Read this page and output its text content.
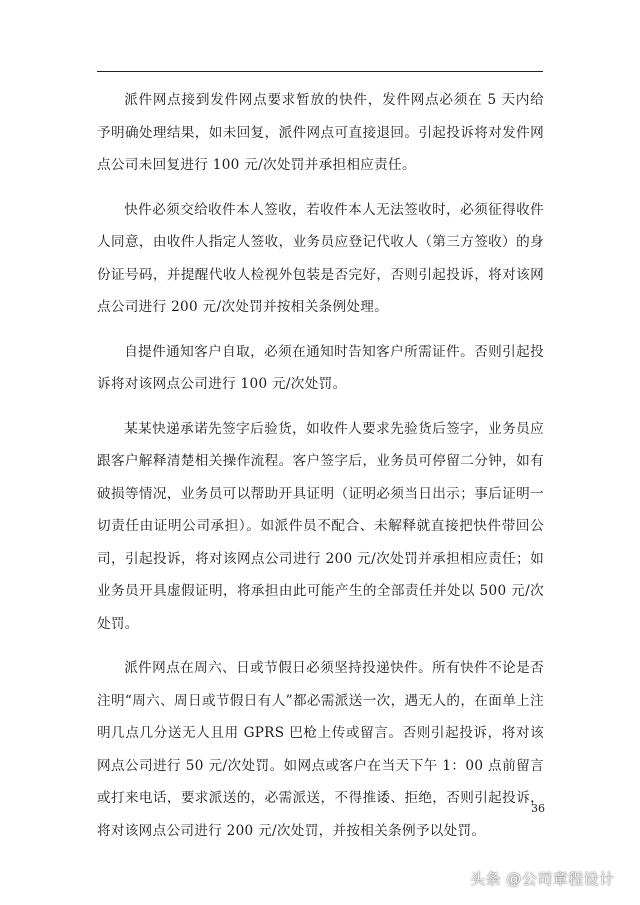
派件网点接到发件网点要求暂放的快件，发件网点必须在 5 天内给予明确处理结果，如未回复，派件网点可直接退回。引起投诉将对发件网点公司未回复进行 100 元/次处罚并承担相应责任。

快件必须交给收件本人签收，若收件本人无法签收时，必须征得收件人同意，由收件人指定人签收，业务员应登记代收人（第三方签收）的身份证号码，并提醒代收人检视外包装是否完好，否则引起投诉，将对该网点公司进行 200 元/次处罚并按相关条例处理。

自提件通知客户自取，必须在通知时告知客户所需证件。否则引起投诉将对该网点公司进行 100 元/次处罚。

某某快递承诺先签字后验货，如收件人要求先验货后签字，业务员应跟客户解释清楚相关操作流程。客户签字后，业务员可停留二分钟，如有破损等情况，业务员可以帮助开具证明（证明必须当日出示；事后证明一切责任由证明公司承担）。如派件员不配合、未解释就直接把快件带回公司，引起投诉，将对该网点公司进行 200 元/次处罚并承担相应责任；如业务员开具虚假证明，将承担由此可能产生的全部责任并处以 500 元/次处罚。

派件网点在周六、日或节假日必须坚持投递快件。所有快件不论是否注明“周六、周日或节假日有人”都必需派送一次，遇无人的，在面单上注明几点几分送无人且用 GPRS 巴枪上传或留言。否则引起投诉，将对该网点公司进行 50 元/次处罚。如网点或客户在当天下午 1：00 点前留言或打来电话，要求派送的，必需派送，不得推诿、拒绝，否则引起投诉，将对该网点公司进行 200 元/次处罚，并按相关条例予以处罚。

36
头条 @公司章程设计
